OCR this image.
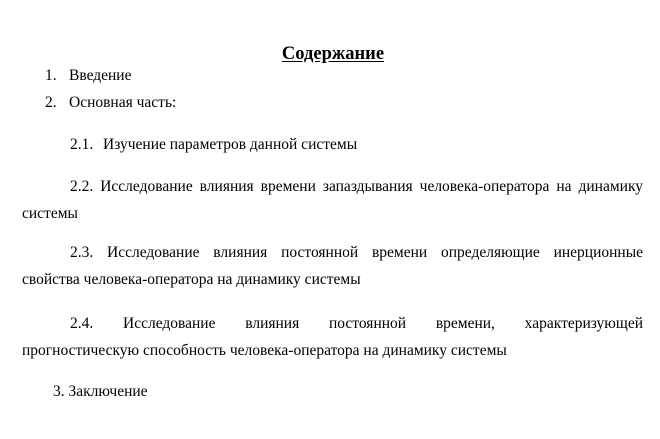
Содержание
1. Введение
2. Основная часть:
2.1. Изучение параметров данной системы
2.2. Исследование влияния времени запаздывания человека-оператора на динамику
системы
2.3. Исследование влияния постоянной времени определяющие инерционные
свойства человека-оператора на динамику системы
2.4. Исследование влияния постоянной времени, характеризующей
прогностическую способность человека-оператора на динамику системы
3. Заключение
